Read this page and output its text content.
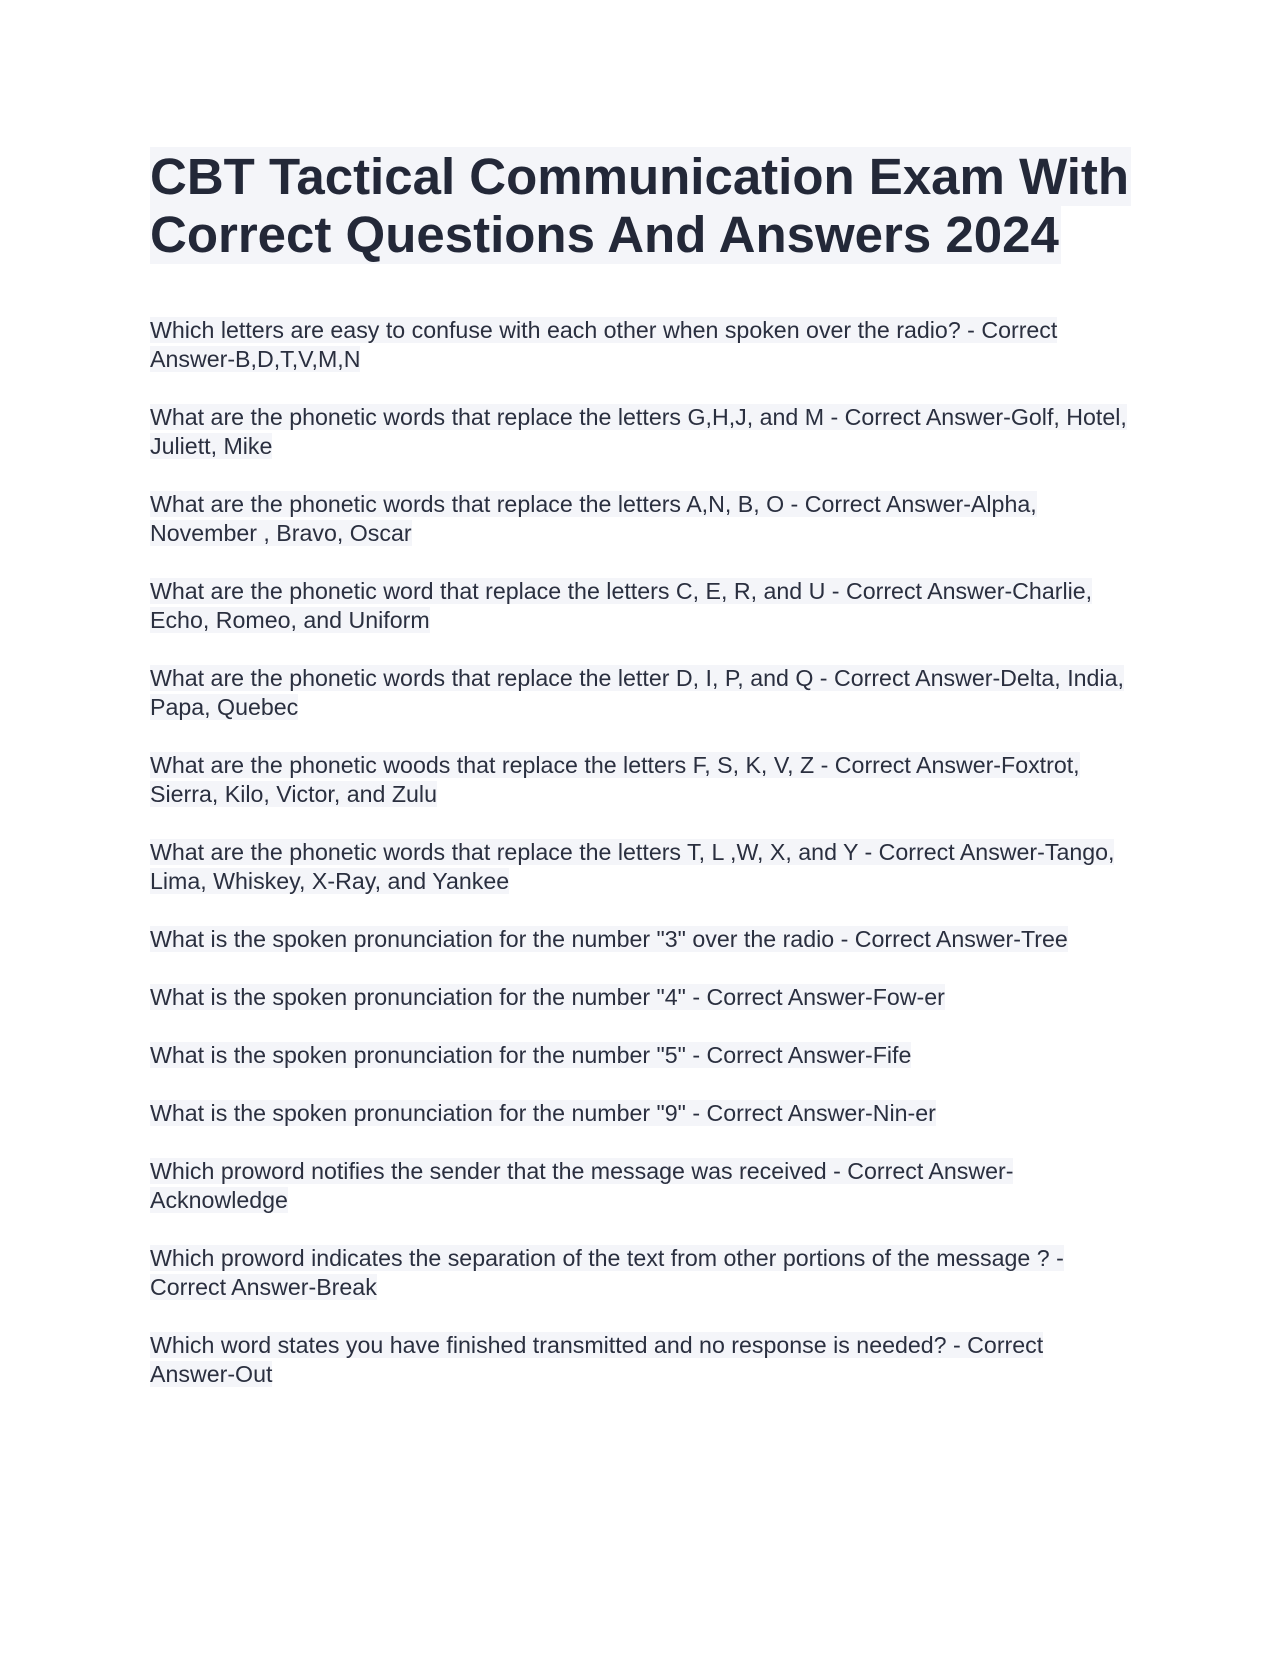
CBT Tactical Communication Exam With Correct Questions And Answers 2024
Which letters are easy to confuse with each other when spoken over the radio? - Correct Answer-B,D,T,V,M,N
What are the phonetic words that replace the letters G,H,J, and M - Correct Answer-Golf, Hotel, Juliett, Mike
What are the phonetic words that replace the letters A,N, B, O - Correct Answer-Alpha, November , Bravo, Oscar
What are the phonetic word that replace the letters C, E, R, and U - Correct Answer-Charlie, Echo, Romeo, and Uniform
What are the phonetic words that replace the letter D, I, P, and Q - Correct Answer-Delta, India, Papa, Quebec
What are the phonetic woods that replace the letters F, S, K, V, Z - Correct Answer-Foxtrot, Sierra, Kilo, Victor, and Zulu
What are the phonetic words that replace the letters T, L ,W, X, and Y - Correct Answer-Tango, Lima, Whiskey, X-Ray, and Yankee
What is the spoken pronunciation for the number "3" over the radio - Correct Answer-Tree
What is the spoken pronunciation for the number "4" - Correct Answer-Fow-er
What is the spoken pronunciation for the number "5" - Correct Answer-Fife
What is the spoken pronunciation for the number "9" - Correct Answer-Nin-er
Which proword notifies the sender that the message was received - Correct Answer-Acknowledge
Which proword indicates the separation of the text from other portions of the message ? - Correct Answer-Break
Which word states you have finished transmitted and no response is needed? - Correct Answer-Out
